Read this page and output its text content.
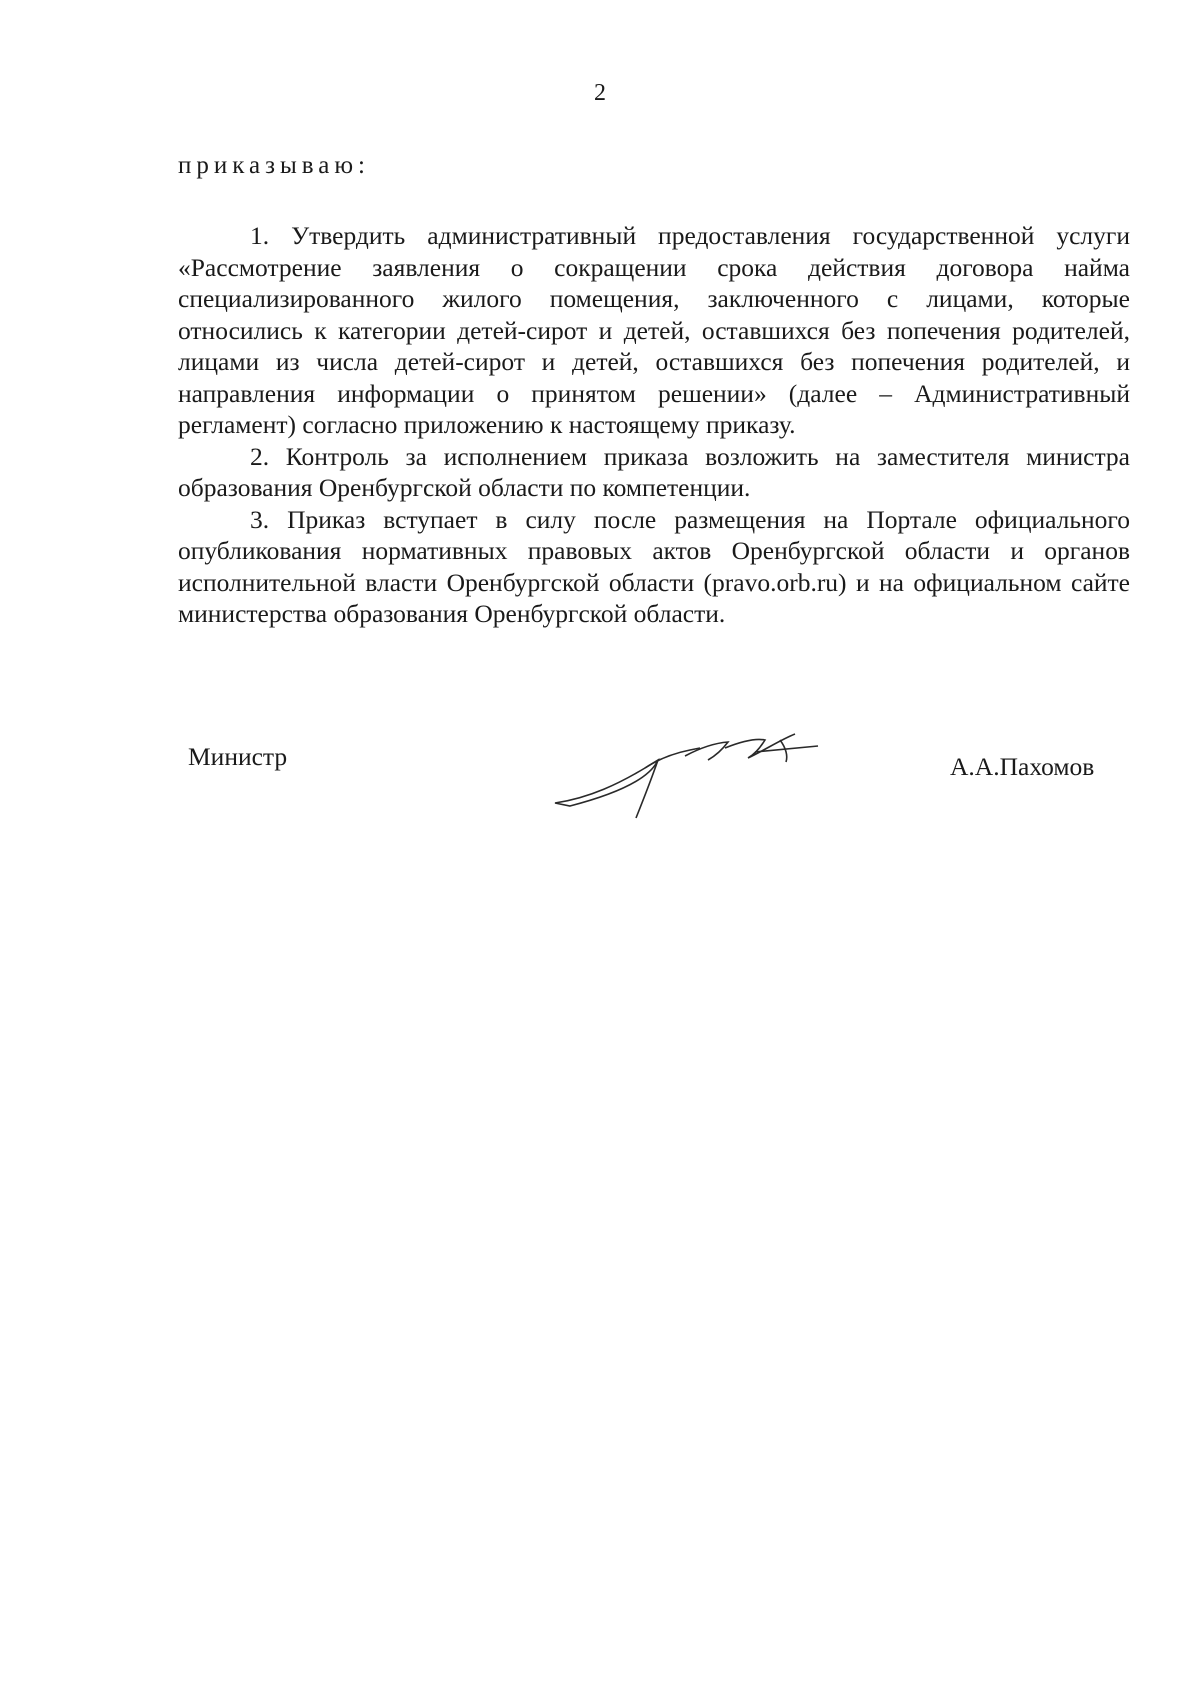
2
приказываю:

1. Утвердить административный предоставления государственной услуги «Рассмотрение заявления о сокращении срока действия договора найма специализированного жилого помещения, заключенного с лицами, которые относились к категории детей-сирот и детей, оставшихся без попечения родителей, лицами из числа детей-сирот и детей, оставшихся без попечения родителей, и направления информации о принятом решении» (далее – Административный регламент) согласно приложению к настоящему приказу.

2. Контроль за исполнением приказа возложить на заместителя министра образования Оренбургской области по компетенции.

3. Приказ вступает в силу после размещения на Портале официального опубликования нормативных правовых актов Оренбургской области и органов исполнительной власти Оренбургской области (pravo.orb.ru) и на официальном сайте министерства образования Оренбургской области.

Министр	А.А.Пахомов
